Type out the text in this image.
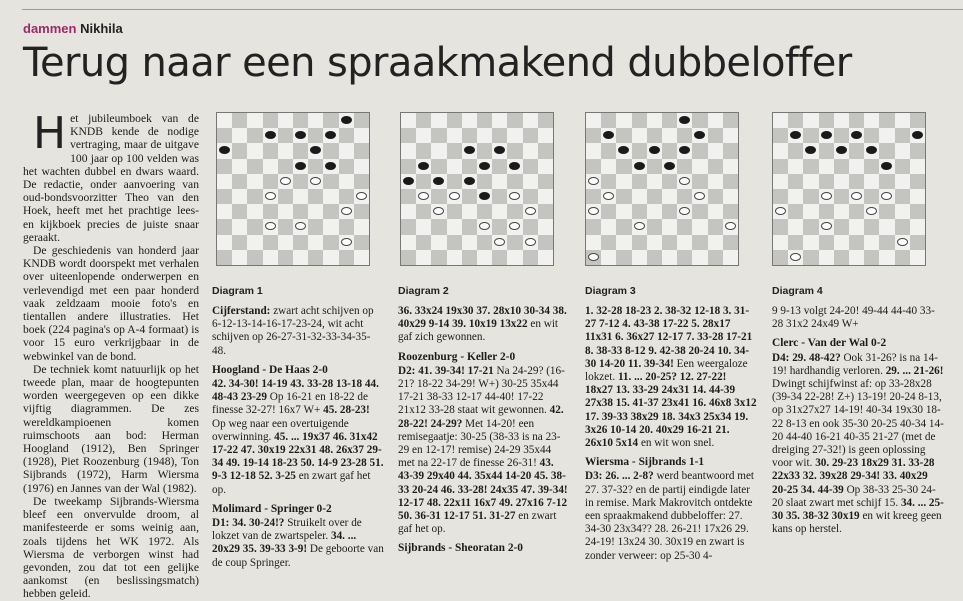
dammen Nikhila
Terug naar een spraakmakend dubbeloffer

Het jubileumboek van de KNDB kende de nodige vertraging, maar de uitgave 100 jaar op 100 velden was het wachten dubbel en dwars waard. De redactie, onder aanvoering van oud-bondsvoorzitter Theo van den Hoek, heeft met het prachtige lees- en kijkboek precies de juiste snaar geraakt.

De geschiedenis van honderd jaar KNDB wordt doorspekt met verhalen over uiteenlopende onderwerpen en verlevendigd met een paar honderd vaak zeldzaam mooie foto's en tientallen andere illustraties. Het boek (224 pagina's op A-4 formaat) is voor 15 euro verkrijgbaar in de webwinkel van de bond.

De techniek komt natuurlijk op het tweede plan, maar de hoogtepunten worden weergegeven op een dikke vijftig diagrammen. De zes wereldkampioenen komen ruimschoots aan bod: Herman Hoogland (1912), Ben Springer (1928), Piet Roozenburg (1948), Ton Sijbrands (1972), Harm Wiersma (1976) en Jannes van der Wal (1982).

De tweekamp Sijbrands-Wiersma bleef een onvervulde droom, al manifesteerde er soms weinig aan, zoals tijdens het WK 1972. Als Wiersma de verborgen winst had gevonden, zou dat tot een gelijke aankomst (en beslissingsmatch) hebben geleid.

Diagram 1	Diagram 2	Diagram 3	Diagram 4

Cijferstand: zwart acht schijven op 6-12-13-14-16-17-23-24, wit acht schijven op 26-27-31-32-33-34-35-48.

Hoogland - De Haas 2-0

42. 34-30! 14-19 43. 33-28 13-18 44. 48-43 23-29 Op 16-21 en 18-22 de finesse 32-27! 16x7 W+ 45. 28-23! Op weg naar een overtuigende overwinning. 45. ... 19x37 46. 31x42 17-22 47. 30x19 22x31 48. 26x37 29-34 49. 19-14 18-23 50. 14-9 23-28 51. 9-3 12-18 52. 3-25 en zwart gaf het op.

Molimard - Springer 0-2

D1: 34. 30-24!? Struikelt over de lokzet van de zwartspeler. 34. ... 20x29 35. 39-33 3-9! De geboorte van de coup Springer.

36. 33x24 19x30 37. 28x10 30-34 38. 40x29 9-14 39. 10x19 13x22 en wit gaf zich gewonnen.

Roozenburg - Keller 2-0

D2: 41. 39-34! 17-21 Na 24-29? (16-21? 18-22 34-29! W+) 30-25 35x44 17-21 38-33 12-17 44-40! 17-22 21x12 33-28 staat wit gewonnen. 42. 28-22! 24-29? Met 14-20! een remisegaatje: 30-25 (38-33 is na 23-29 en 12-17! remise) 24-29 35x44 met na 22-17 de finesse 26-31! 43. 43-39 29x40 44. 35x44 14-20 45. 38-33 20-24 46. 33-28! 24x35 47. 39-34! 12-17 48. 22x11 16x7 49. 27x16 7-12 50. 36-31 12-17 51. 31-27 en zwart gaf het op.

Sijbrands - Sheoratan 2-0

1. 32-28 18-23 2. 38-32 12-18 3. 31-27 7-12 4. 43-38 17-22 5. 28x17 11x31 6. 36x27 12-17 7. 33-28 17-21 8. 38-33 8-12 9. 42-38 20-24 10. 34-30 14-20 11. 39-34! Een weergaloze lokzet. 11. ... 20-25? 12. 27-22! 18x27 13. 33-29 24x31 14. 44-39 27x38 15. 41-37 23x41 16. 46x8 3x12 17. 39-33 38x29 18. 34x3 25x34 19. 3x26 10-14 20. 40x29 16-21 21. 26x10 5x14 en wit won snel.

Wiersma - Sijbrands 1-1

D3: 26. ... 2-8? werd beantwoord met 27. 37-32? en de partij eindigde later in remise. Mark Makrovitch ontdekte een spraakmakend dubbeloffer: 27. 34-30 23x34?? 28. 26-21! 17x26 29. 24-19! 13x24 30. 30x19 en zwart is zonder verweer: op 25-30 4-

9 9-13 volgt 24-20! 49-44 44-40 33-28 31x2 24x49 W+

Clerc - Van der Wal 0-2

D4: 29. 48-42? Ook 31-26? is na 14-19! hardhandig verloren. 29. ... 21-26! Dwingt schijfwinst af: op 33-28x28 (39-34 22-28! Z+) 13-19! 20-24 8-13, op 31x27x27 14-19! 40-34 19x30 18-22 8-13 en ook 35-30 20-25 40-34 14-20 44-40 16-21 40-35 21-27 (met de dreiging 27-32!) is geen oplossing voor wit. 30. 29-23 18x29 31. 33-28 22x33 32. 39x28 29-34! 33. 40x29 20-25 34. 44-39 Op 38-33 25-30 24-20 slaat zwart met schijf 15. 34. ... 25-30 35. 38-32 30x19 en wit kreeg geen kans op herstel.
